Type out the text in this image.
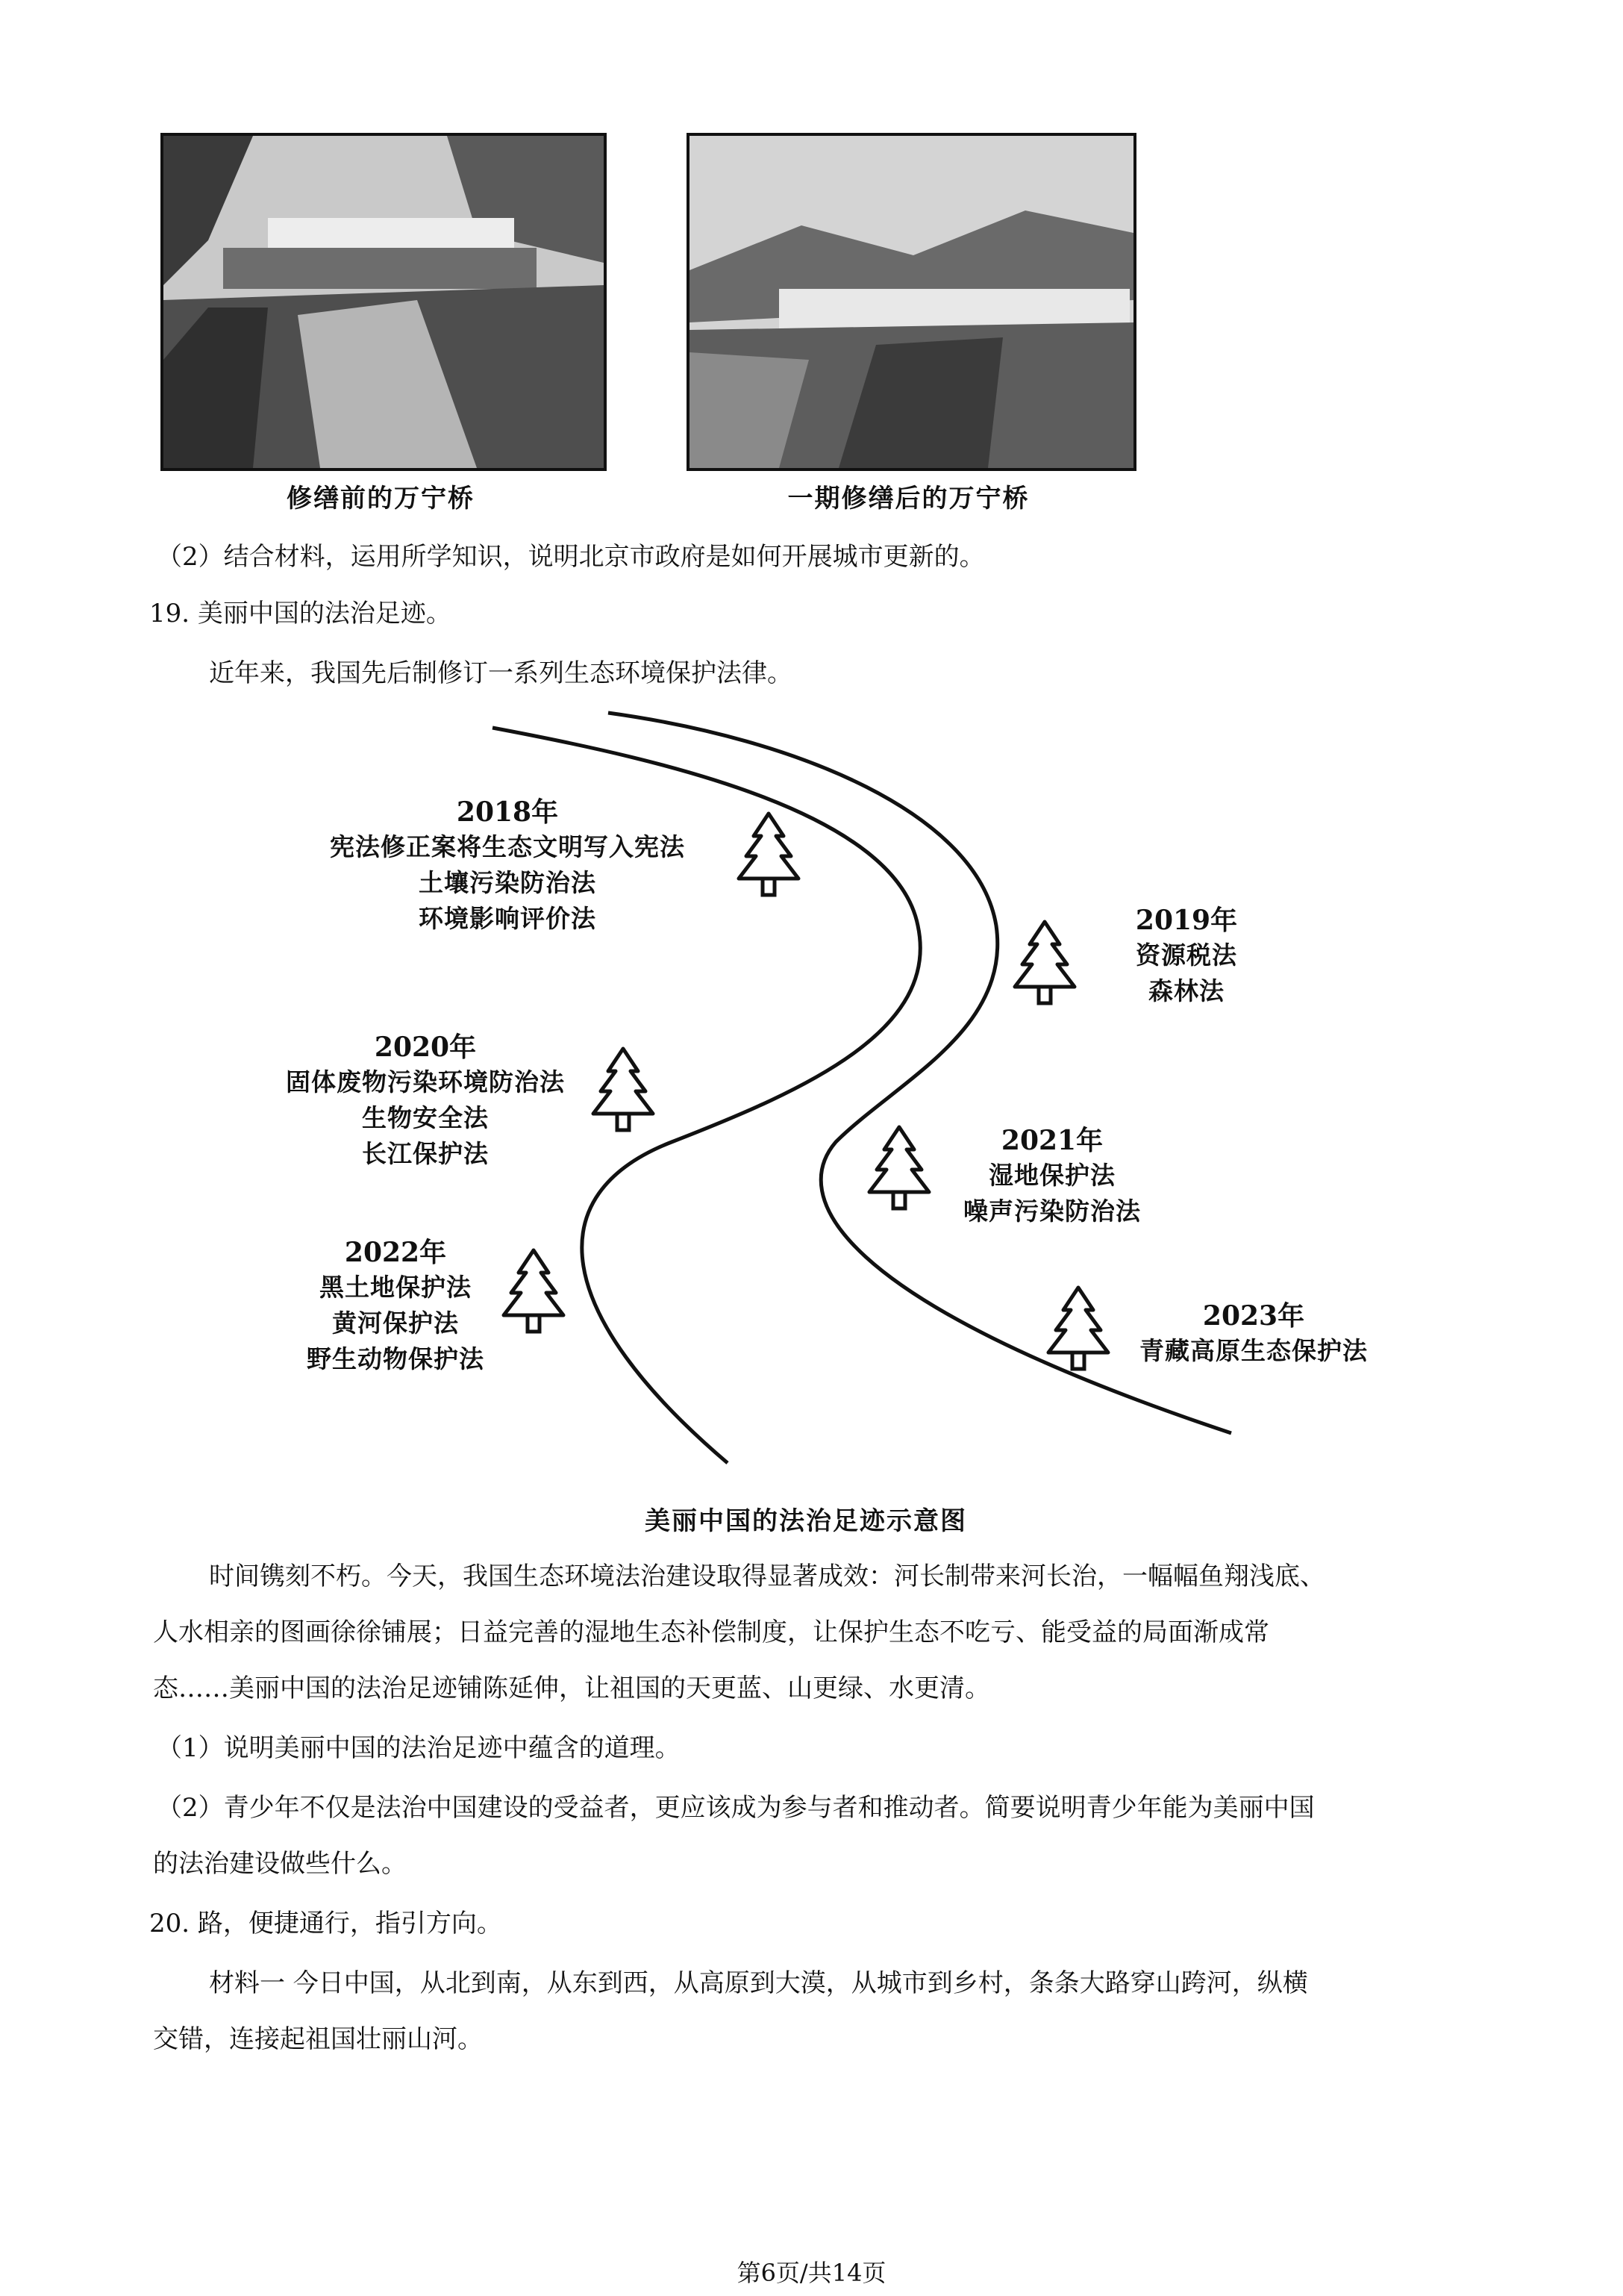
修缮前的万宁桥	一期修缮后的万宁桥
（2）结合材料，运用所学知识，说明北京市政府是如何开展城市更新的。
19. 美丽中国的法治足迹。
近年来，我国先后制修订一系列生态环境保护法律。
2018年
宪法修正案将生态文明写入宪法
土壤污染防治法
环境影响评价法	2019年
资源税法
森林法
2020年
固体废物污染环境防治法
生物安全法
长江保护法	2021年
湿地保护法
噪声污染防治法
2022年
黑土地保护法
黄河保护法
野生动物保护法
2023年
青藏高原生态保护法
美丽中国的法治足迹示意图
时间镌刻不朽。今天，我国生态环境法治建设取得显著成效：河长制带来河长治，一幅幅鱼翔浅底、
人水相亲的图画徐徐铺展；日益完善的湿地生态补偿制度，让保护生态不吃亏、能受益的局面渐成常
态……美丽中国的法治足迹铺陈延伸，让祖国的天更蓝、山更绿、水更清。
（1）说明美丽中国的法治足迹中蕴含的道理。
（2）青少年不仅是法治中国建设的受益者，更应该成为参与者和推动者。简要说明青少年能为美丽中国
的法治建设做些什么。
20. 路，便捷通行，指引方向。
材料一 今日中国，从北到南，从东到西，从高原到大漠，从城市到乡村，条条大路穿山跨河，纵横
交错，连接起祖国壮丽山河。
第6页/共14页
